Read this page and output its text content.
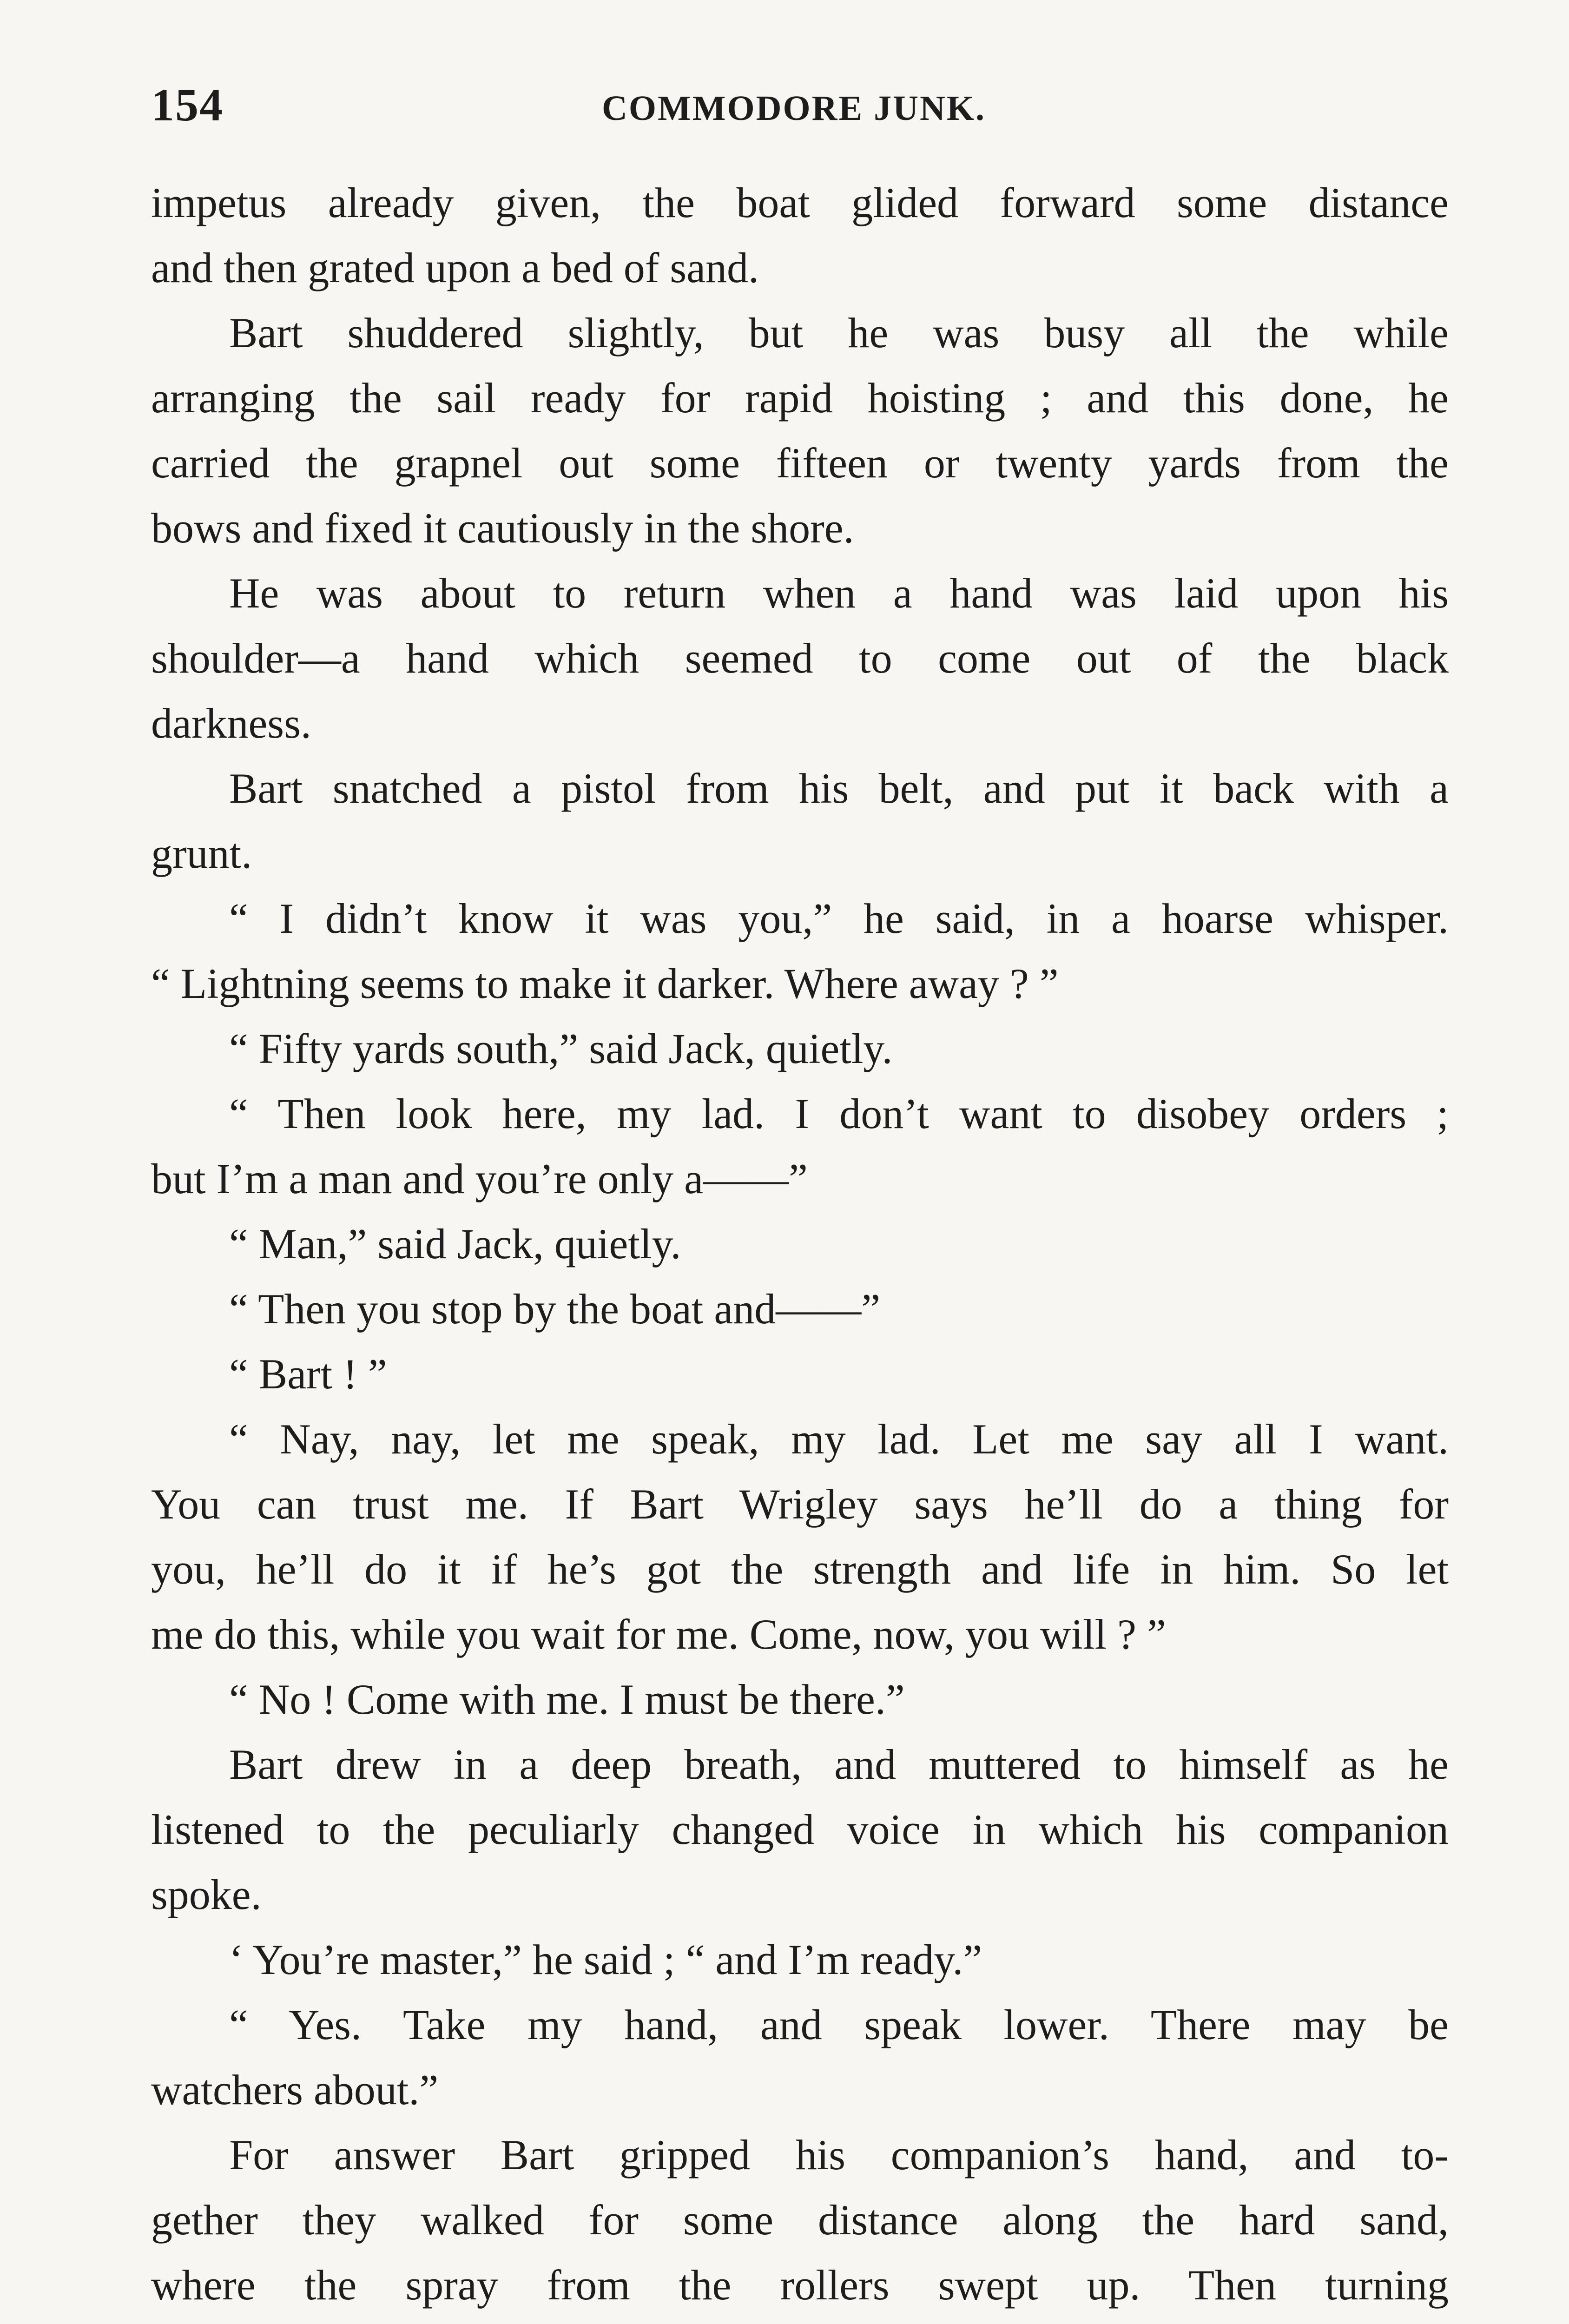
154	COMMODORE JUNK.
impetus already given, the boat glided forward some distance
and then grated upon a bed of sand.
Bart shuddered slightly, but he was busy all the while
arranging the sail ready for rapid hoisting ; and this done, he
carried the grapnel out some fifteen or twenty yards from the
bows and fixed it cautiously in the shore.
He was about to return when a hand was laid upon his
shoulder—a hand which seemed to come out of the black
darkness.
Bart snatched a pistol from his belt, and put it back with a
grunt.
“ I didn’t know it was you,” he said, in a hoarse whisper.
“ Lightning seems to make it darker. Where away ? ”
“ Fifty yards south,” said Jack, quietly.
“ Then look here, my lad. I don’t want to disobey orders ;
but I’m a man and you’re only a——”
“ Man,” said Jack, quietly.
“ Then you stop by the boat and——”
“ Bart ! ”
“ Nay, nay, let me speak, my lad. Let me say all I want.
You can trust me. If Bart Wrigley says he’ll do a thing for
you, he’ll do it if he’s got the strength and life in him. So let
me do this, while you wait for me. Come, now, you will ? ”
“ No ! Come with me. I must be there.”
Bart drew in a deep breath, and muttered to himself as he
listened to the peculiarly changed voice in which his companion
spoke.
‘ You’re master,” he said ; “ and I’m ready.”
“ Yes. Take my hand, and speak lower. There may be
watchers about.”
For answer Bart gripped his companion’s hand, and to-
gether they walked for some distance along the hard sand,
where the spray from the rollers swept up. Then turning
